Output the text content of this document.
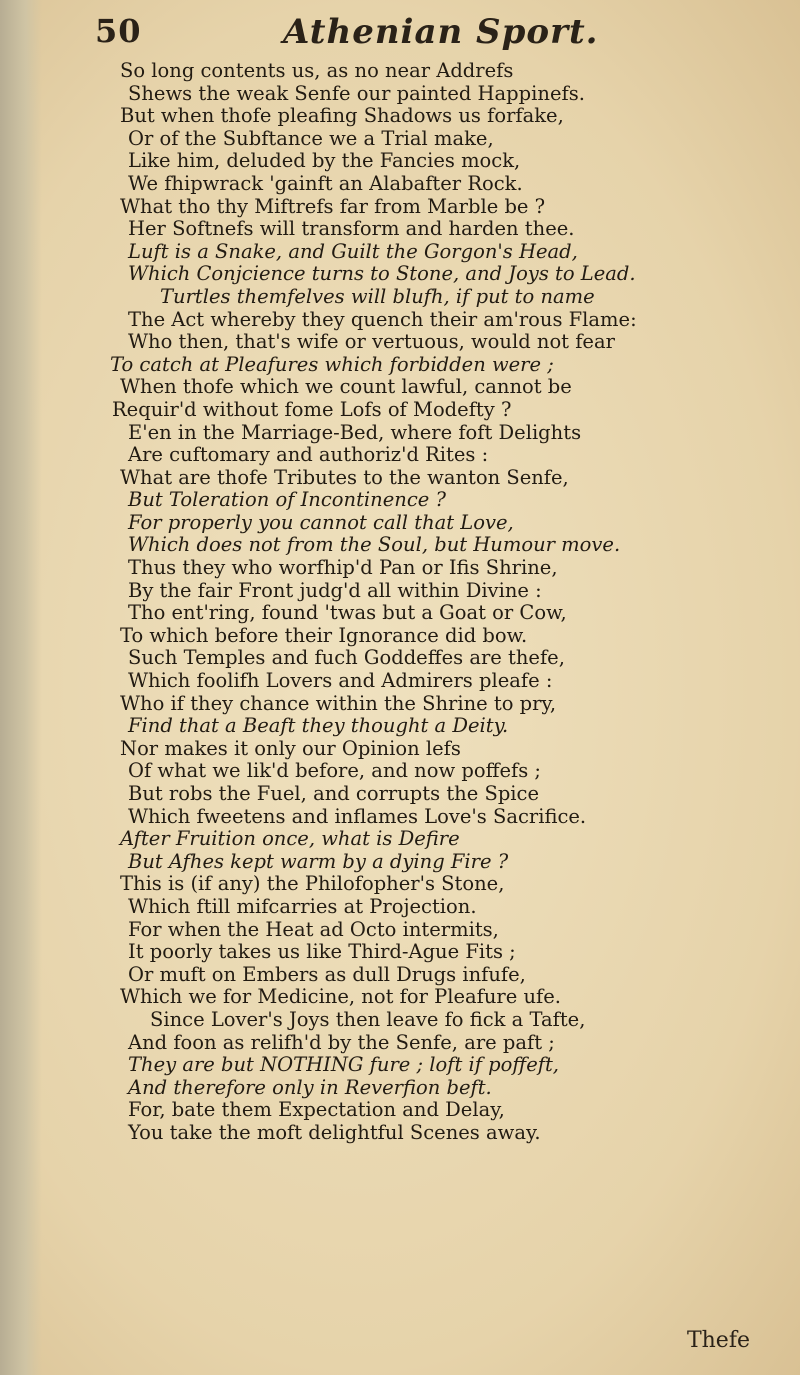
50	Athenian Sport.
So long contents us, as no near Addrefs
Shews the weak Senfe our painted Happinefs.
But when thofe pleafing Shadows us forfake,
Or of the Subftance we a Trial make,
Like him, deluded by the Fancies mock,
We fhipwrack 'gainft an Alabafter Rock.
What tho thy Miftrefs far from Marble be ?
Her Softnefs will transform and harden thee.
Luft is a Snake, and Guilt the Gorgon's Head,
Which Conjcience turns to Stone, and Joys to Lead.
Turtles themfelves will blufh, if put to name
The Act whereby they quench their am'rous Flame:
Who then, that's wife or vertuous, would not fear
To catch at Pleafures which forbidden were ;
When thofe which we count lawful, cannot be
Requir'd without fome Lofs of Modefty ?
E'en in the Marriage-Bed, where foft Delights
Are cuftomary and authoriz'd Rites :
What are thofe Tributes to the wanton Senfe,
But Toleration of Incontinence ?
For properly you cannot call that Love,
Which does not from the Soul, but Humour move.
Thus they who worfhip'd Pan or Ifis Shrine,
By the fair Front judg'd all within Divine :
Tho ent'ring, found 'twas but a Goat or Cow,
To which before their Ignorance did bow.
Such Temples and fuch Goddeffes are thefe,
Which foolifh Lovers and Admirers pleafe :
Who if they chance within the Shrine to pry,
Find that a Beaft they thought a Deity.
Nor makes it only our Opinion lefs
Of what we lik'd before, and now poffefs ;
But robs the Fuel, and corrupts the Spice
Which fweetens and inflames Love's Sacrifice.
After Fruition once, what is Defire
But Afhes kept warm by a dying Fire ?
This is (if any) the Philofopher's Stone,
Which ftill mifcarries at Projection.
For when the Heat ad Octo intermits,
It poorly takes us like Third-Ague Fits ;
Or muft on Embers as dull Drugs infufe,
Which we for Medicine, not for Pleafure ufe.
Since Lover's Joys then leave fo fick a Tafte,
And foon as relifh'd by the Senfe, are paft ;
They are but NOTHING fure ; loft if poffeft,
And therefore only in Reverfion beft.
For, bate them Expectation and Delay,
You take the moft delightful Scenes away.
Thefe
